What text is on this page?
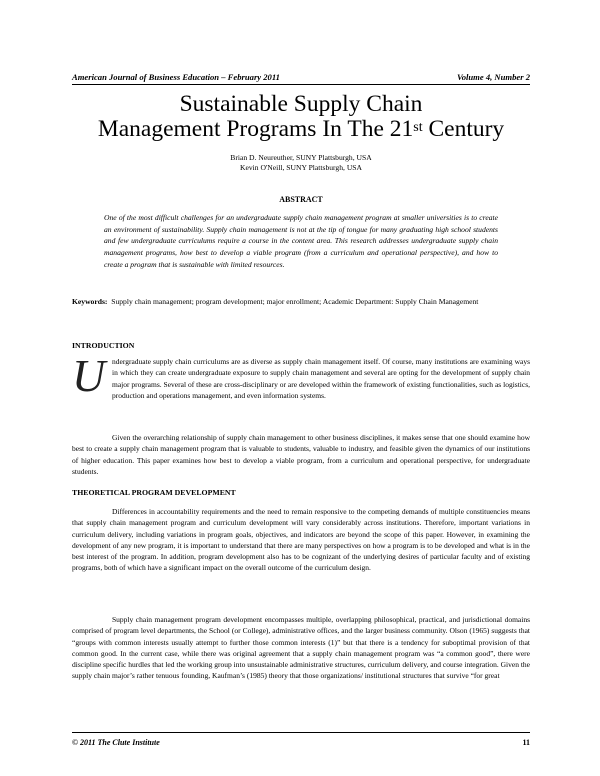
American Journal of Business Education – February 2011	Volume 4, Number 2
Sustainable Supply Chain
Management Programs In The 21st Century
Brian D. Neureuther, SUNY Plattsburgh, USA
Kevin O'Neill, SUNY Plattsburgh, USA
ABSTRACT
One of the most difficult challenges for an undergraduate supply chain management program at smaller universities is to create an environment of sustainability. Supply chain management is not at the tip of tongue for many graduating high school students and few undergraduate curriculums require a course in the content area. This research addresses undergraduate supply chain management programs, how best to develop a viable program (from a curriculum and operational perspective), and how to create a program that is sustainable with limited resources.
Keywords: Supply chain management; program development; major enrollment; Academic Department: Supply Chain Management
INTRODUCTION
Undergraduate supply chain curriculums are as diverse as supply chain management itself. Of course, many institutions are examining ways in which they can create undergraduate exposure to supply chain management and several are opting for the development of supply chain major programs. Several of these are cross-disciplinary or are developed within the framework of existing functionalities, such as logistics, production and operations management, and even information systems.
Given the overarching relationship of supply chain management to other business disciplines, it makes sense that one should examine how best to create a supply chain management program that is valuable to students, valuable to industry, and feasible given the dynamics of our institutions of higher education. This paper examines how best to develop a viable program, from a curriculum and operational perspective, for undergraduate students.
THEORETICAL PROGRAM DEVELOPMENT
Differences in accountability requirements and the need to remain responsive to the competing demands of multiple constituencies means that supply chain management program and curriculum development will vary considerably across institutions. Therefore, important variations in curriculum delivery, including variations in program goals, objectives, and indicators are beyond the scope of this paper. However, in examining the development of any new program, it is important to understand that there are many perspectives on how a program is to be developed and what is in the best interest of the program. In addition, program development also has to be cognizant of the underlying desires of particular faculty and of existing programs, both of which have a significant impact on the overall outcome of the curriculum design.
Supply chain management program development encompasses multiple, overlapping philosophical, practical, and jurisdictional domains comprised of program level departments, the School (or College), administrative offices, and the larger business community. Olson (1965) suggests that “groups with common interests usually attempt to further those common interests (1)” but that there is a tendency for suboptimal provision of that common good. In the current case, while there was original agreement that a supply chain management program was “a common good”, there were discipline specific hurdles that led the working group into unsustainable administrative structures, curriculum delivery, and course integration. Given the supply chain major’s rather tenuous founding, Kaufman’s (1985) theory that those organizations/ institutional structures that survive “for great
© 2011 The Clute Institute	11
